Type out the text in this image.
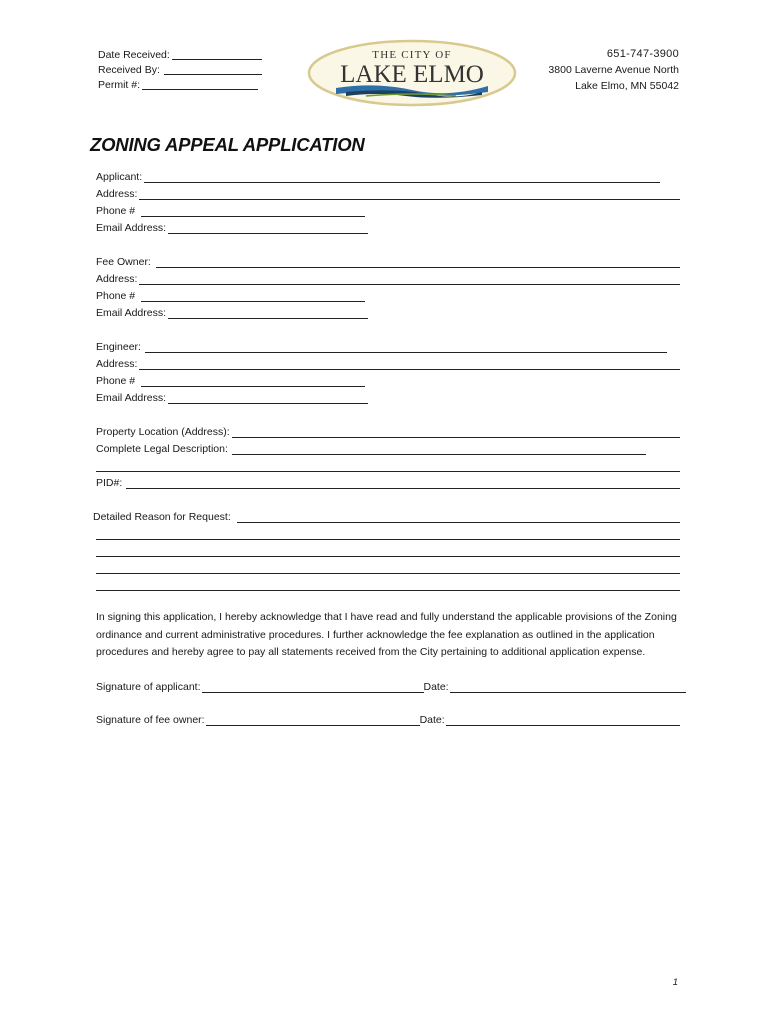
Date Received:
Received By:
Permit #:
THE CITY OF
LAKE ELMO
651-747-3900
3800 Laverne Avenue North
Lake Elmo, MN 55042
ZONING APPEAL APPLICATION
Applicant:
Address:
Phone #
Email Address:
Fee Owner:
Address:
Phone #
Email Address:
Engineer:
Address:
Phone #
Email Address:
Property Location (Address):
Complete Legal Description:
PID#:
Detailed Reason for Request:
In signing this application, I hereby acknowledge that I have read and fully understand the applicable provisions of the Zoning ordinance and current administrative procedures. I further acknowledge the fee explanation as outlined in the application procedures and hereby agree to pay all statements received from the City pertaining to additional application expense.
Signature of applicant:	Date:
Signature of fee owner:	Date:
1
